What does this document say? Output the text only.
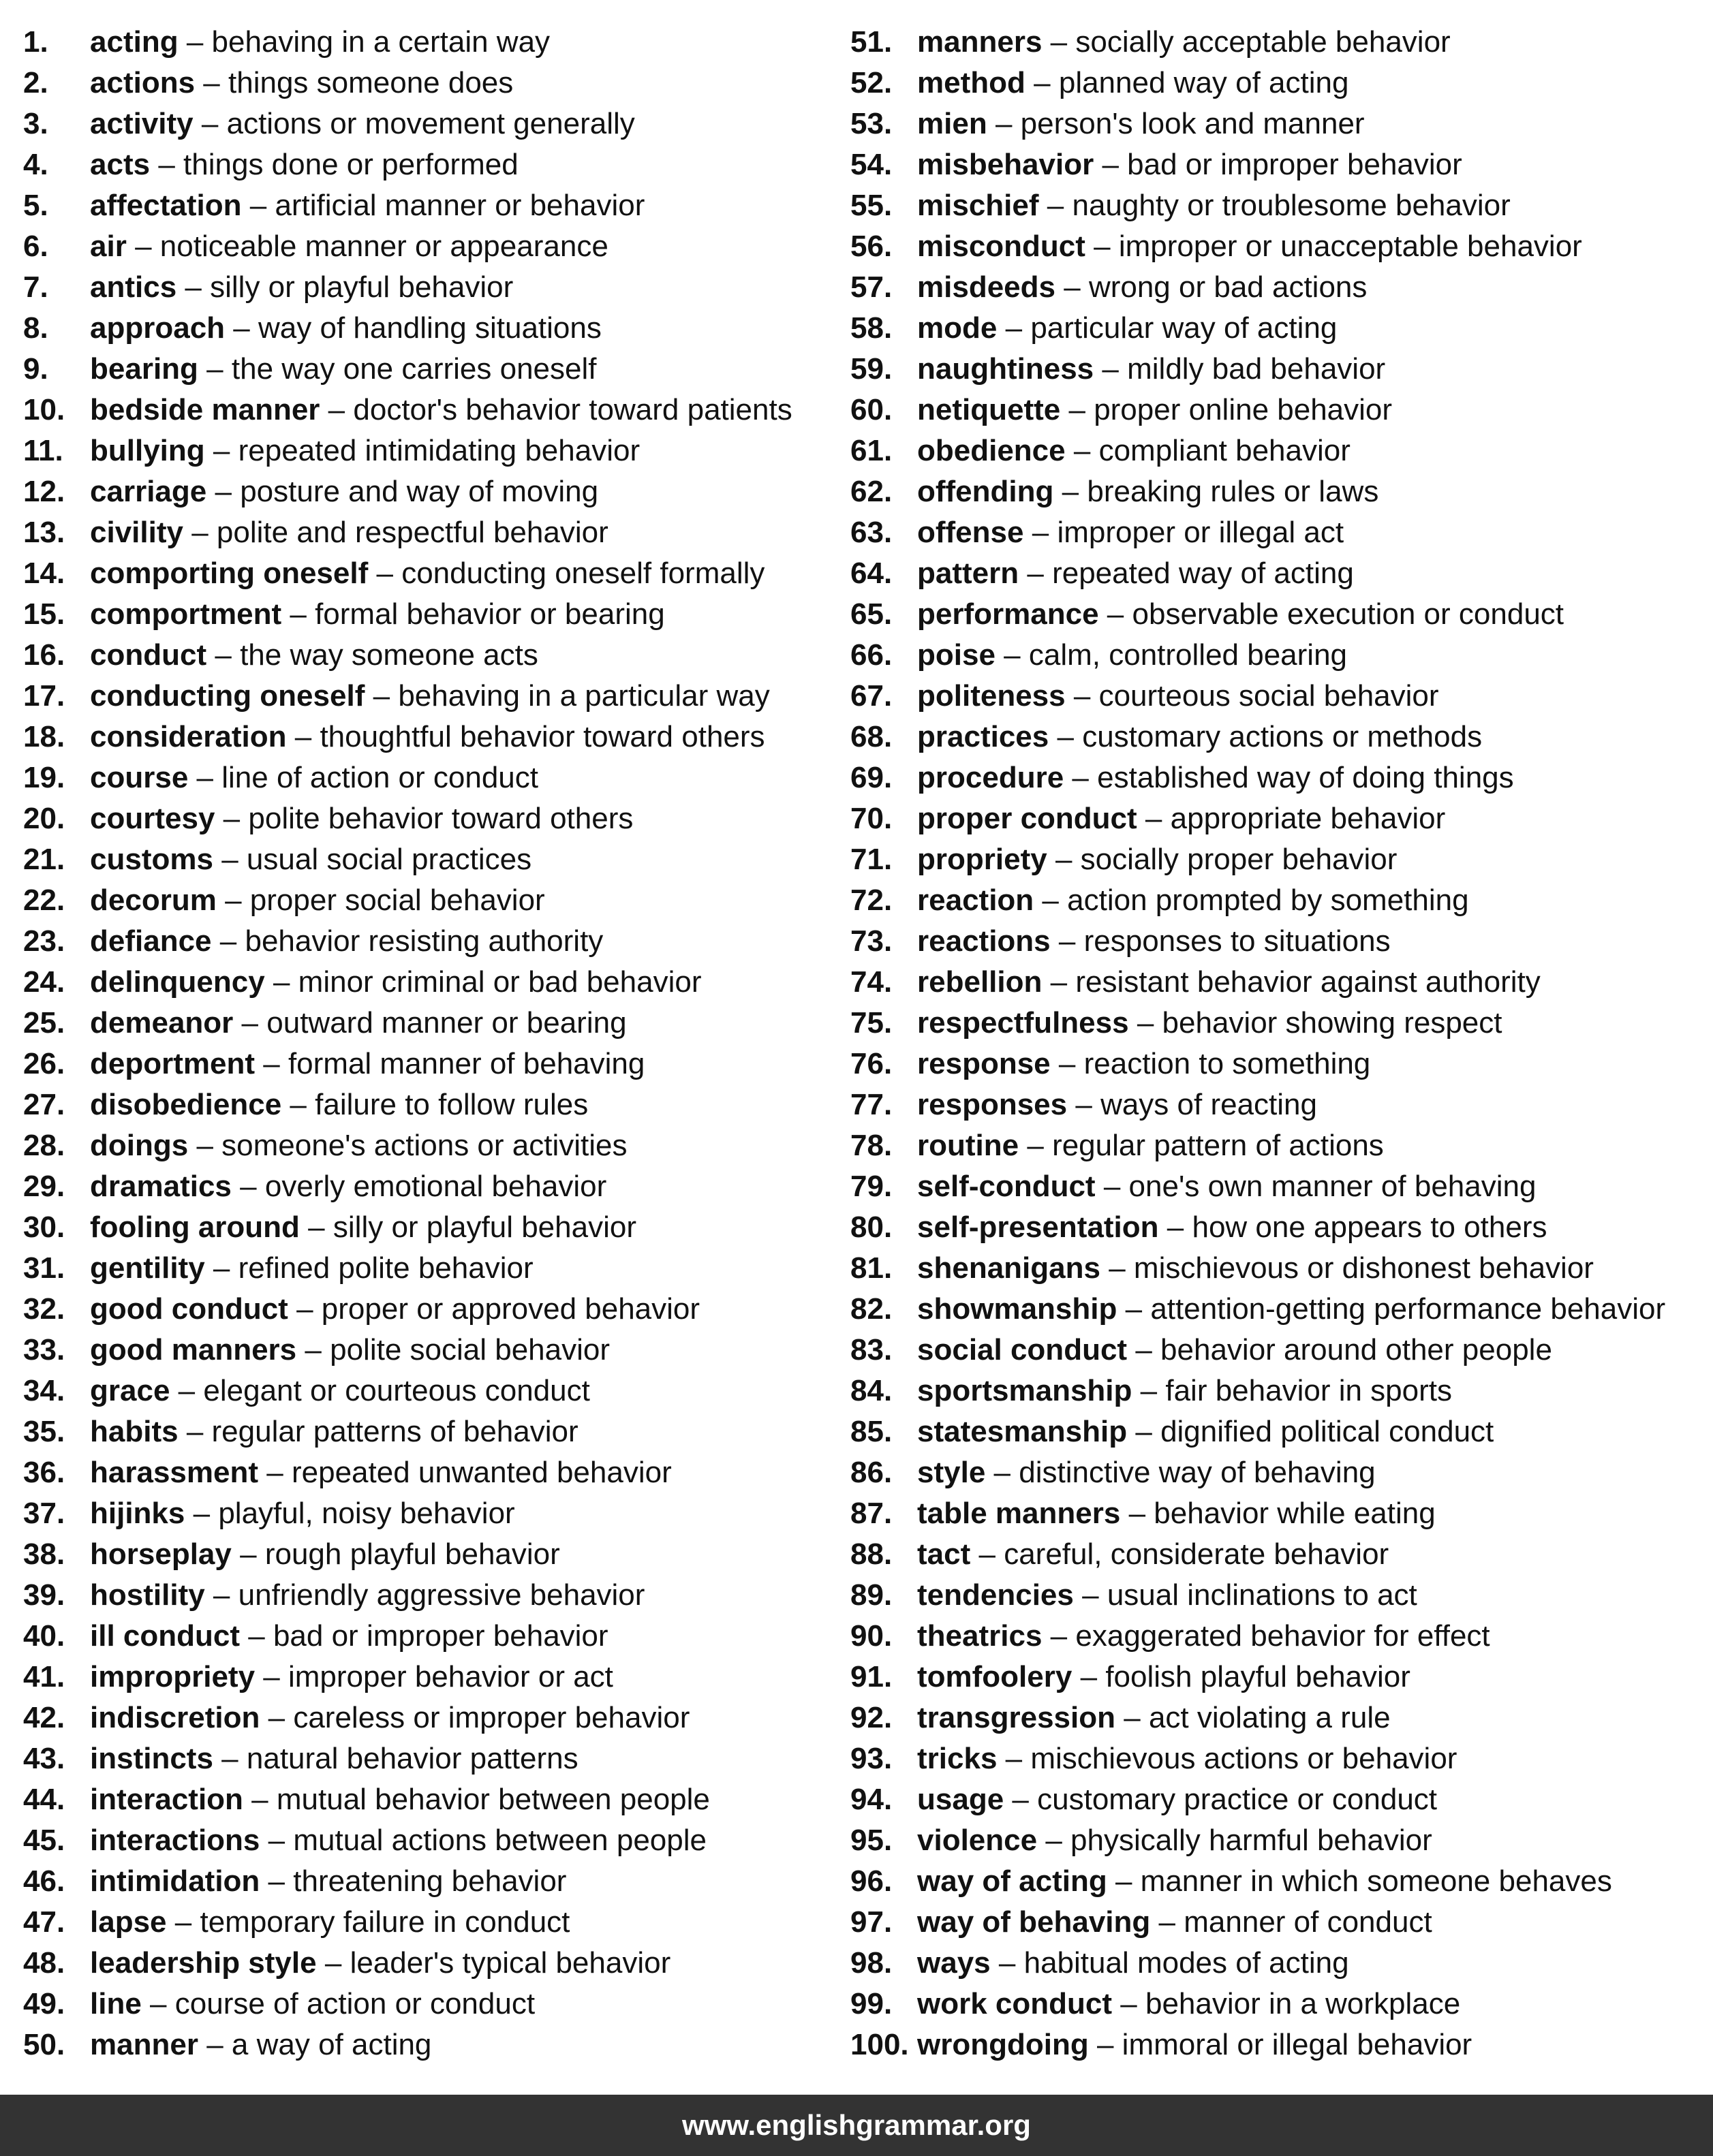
1. acting – behaving in a certain way
2. actions – things someone does
3. activity – actions or movement generally
4. acts – things done or performed
5. affectation – artificial manner or behavior
6. air – noticeable manner or appearance
7. antics – silly or playful behavior
8. approach – way of handling situations
9. bearing – the way one carries oneself
10. bedside manner – doctor's behavior toward patients
11. bullying – repeated intimidating behavior
12. carriage – posture and way of moving
13. civility – polite and respectful behavior
14. comporting oneself – conducting oneself formally
15. comportment – formal behavior or bearing
16. conduct – the way someone acts
17. conducting oneself – behaving in a particular way
18. consideration – thoughtful behavior toward others
19. course – line of action or conduct
20. courtesy – polite behavior toward others
21. customs – usual social practices
22. decorum – proper social behavior
23. defiance – behavior resisting authority
24. delinquency – minor criminal or bad behavior
25. demeanor – outward manner or bearing
26. deportment – formal manner of behaving
27. disobedience – failure to follow rules
28. doings – someone's actions or activities
29. dramatics – overly emotional behavior
30. fooling around – silly or playful behavior
31. gentility – refined polite behavior
32. good conduct – proper or approved behavior
33. good manners – polite social behavior
34. grace – elegant or courteous conduct
35. habits – regular patterns of behavior
36. harassment – repeated unwanted behavior
37. hijinks – playful, noisy behavior
38. horseplay – rough playful behavior
39. hostility – unfriendly aggressive behavior
40. ill conduct – bad or improper behavior
41. impropriety – improper behavior or act
42. indiscretion – careless or improper behavior
43. instincts – natural behavior patterns
44. interaction – mutual behavior between people
45. interactions – mutual actions between people
46. intimidation – threatening behavior
47. lapse – temporary failure in conduct
48. leadership style – leader's typical behavior
49. line – course of action or conduct
50. manner – a way of acting
51. manners – socially acceptable behavior
52. method – planned way of acting
53. mien – person's look and manner
54. misbehavior – bad or improper behavior
55. mischief – naughty or troublesome behavior
56. misconduct – improper or unacceptable behavior
57. misdeeds – wrong or bad actions
58. mode – particular way of acting
59. naughtiness – mildly bad behavior
60. netiquette – proper online behavior
61. obedience – compliant behavior
62. offending – breaking rules or laws
63. offense – improper or illegal act
64. pattern – repeated way of acting
65. performance – observable execution or conduct
66. poise – calm, controlled bearing
67. politeness – courteous social behavior
68. practices – customary actions or methods
69. procedure – established way of doing things
70. proper conduct – appropriate behavior
71. propriety – socially proper behavior
72. reaction – action prompted by something
73. reactions – responses to situations
74. rebellion – resistant behavior against authority
75. respectfulness – behavior showing respect
76. response – reaction to something
77. responses – ways of reacting
78. routine – regular pattern of actions
79. self-conduct – one's own manner of behaving
80. self-presentation – how one appears to others
81. shenanigans – mischievous or dishonest behavior
82. showmanship – attention-getting performance behavior
83. social conduct – behavior around other people
84. sportsmanship – fair behavior in sports
85. statesmanship – dignified political conduct
86. style – distinctive way of behaving
87. table manners – behavior while eating
88. tact – careful, considerate behavior
89. tendencies – usual inclinations to act
90. theatrics – exaggerated behavior for effect
91. tomfoolery – foolish playful behavior
92. transgression – act violating a rule
93. tricks – mischievous actions or behavior
94. usage – customary practice or conduct
95. violence – physically harmful behavior
96. way of acting – manner in which someone behaves
97. way of behaving – manner of conduct
98. ways – habitual modes of acting
99. work conduct – behavior in a workplace
100. wrongdoing – immoral or illegal behavior
www.englishgrammar.org
